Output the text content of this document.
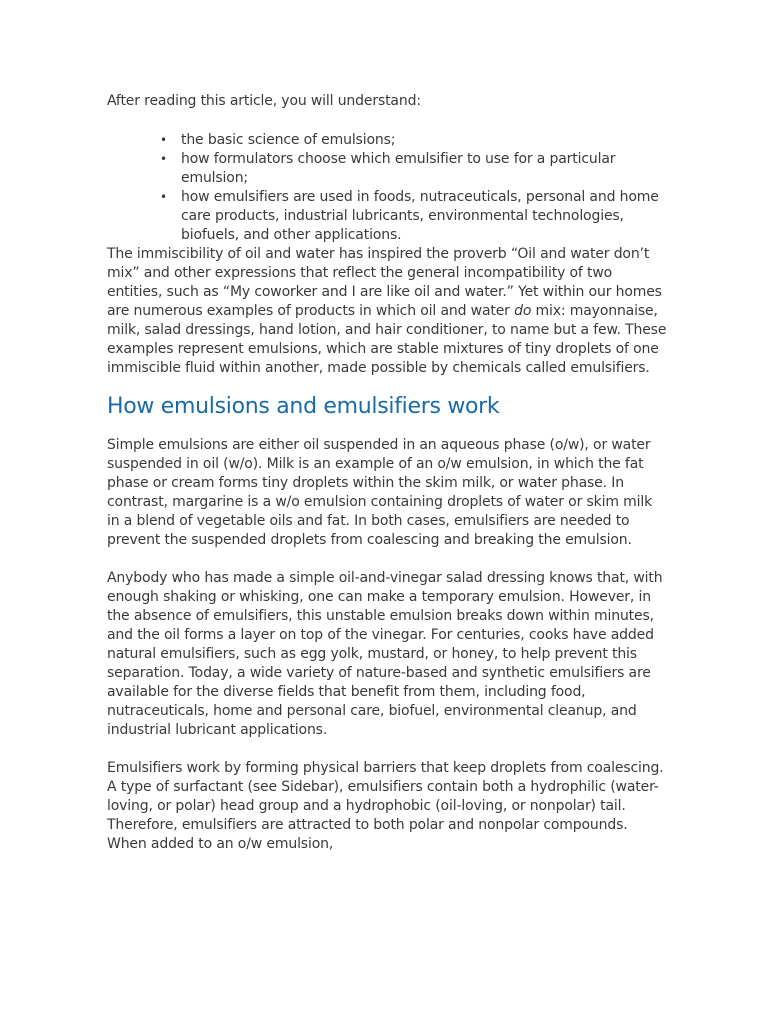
After reading this article, you will understand:

• the basic science of emulsions;
• how formulators choose which emulsifier to use for a particular emulsion;
• how emulsifiers are used in foods, nutraceuticals, personal and home care products, industrial lubricants, environmental technologies, biofuels, and other applications.

The immiscibility of oil and water has inspired the proverb “Oil and water don’t mix” and other expressions that reflect the general incompatibility of two entities, such as “My coworker and I are like oil and water.” Yet within our homes are numerous examples of products in which oil and water do mix: mayonnaise, milk, salad dressings, hand lotion, and hair conditioner, to name but a few. These examples represent emulsions, which are stable mixtures of tiny droplets of one immiscible fluid within another, made possible by chemicals called emulsifiers.

How emulsions and emulsifiers work

Simple emulsions are either oil suspended in an aqueous phase (o/w), or water suspended in oil (w/o). Milk is an example of an o/w emulsion, in which the fat phase or cream forms tiny droplets within the skim milk, or water phase. In contrast, margarine is a w/o emulsion containing droplets of water or skim milk in a blend of vegetable oils and fat. In both cases, emulsifiers are needed to prevent the suspended droplets from coalescing and breaking the emulsion.

Anybody who has made a simple oil-and-vinegar salad dressing knows that, with enough shaking or whisking, one can make a temporary emulsion. However, in the absence of emulsifiers, this unstable emulsion breaks down within minutes, and the oil forms a layer on top of the vinegar. For centuries, cooks have added natural emulsifiers, such as egg yolk, mustard, or honey, to help prevent this separation. Today, a wide variety of nature-based and synthetic emulsifiers are available for the diverse fields that benefit from them, including food, nutraceuticals, home and personal care, biofuel, environmental cleanup, and industrial lubricant applications.

Emulsifiers work by forming physical barriers that keep droplets from coalescing. A type of surfactant (see Sidebar), emulsifiers contain both a hydrophilic (water-loving, or polar) head group and a hydrophobic (oil-loving, or nonpolar) tail. Therefore, emulsifiers are attracted to both polar and nonpolar compounds. When added to an o/w emulsion,
